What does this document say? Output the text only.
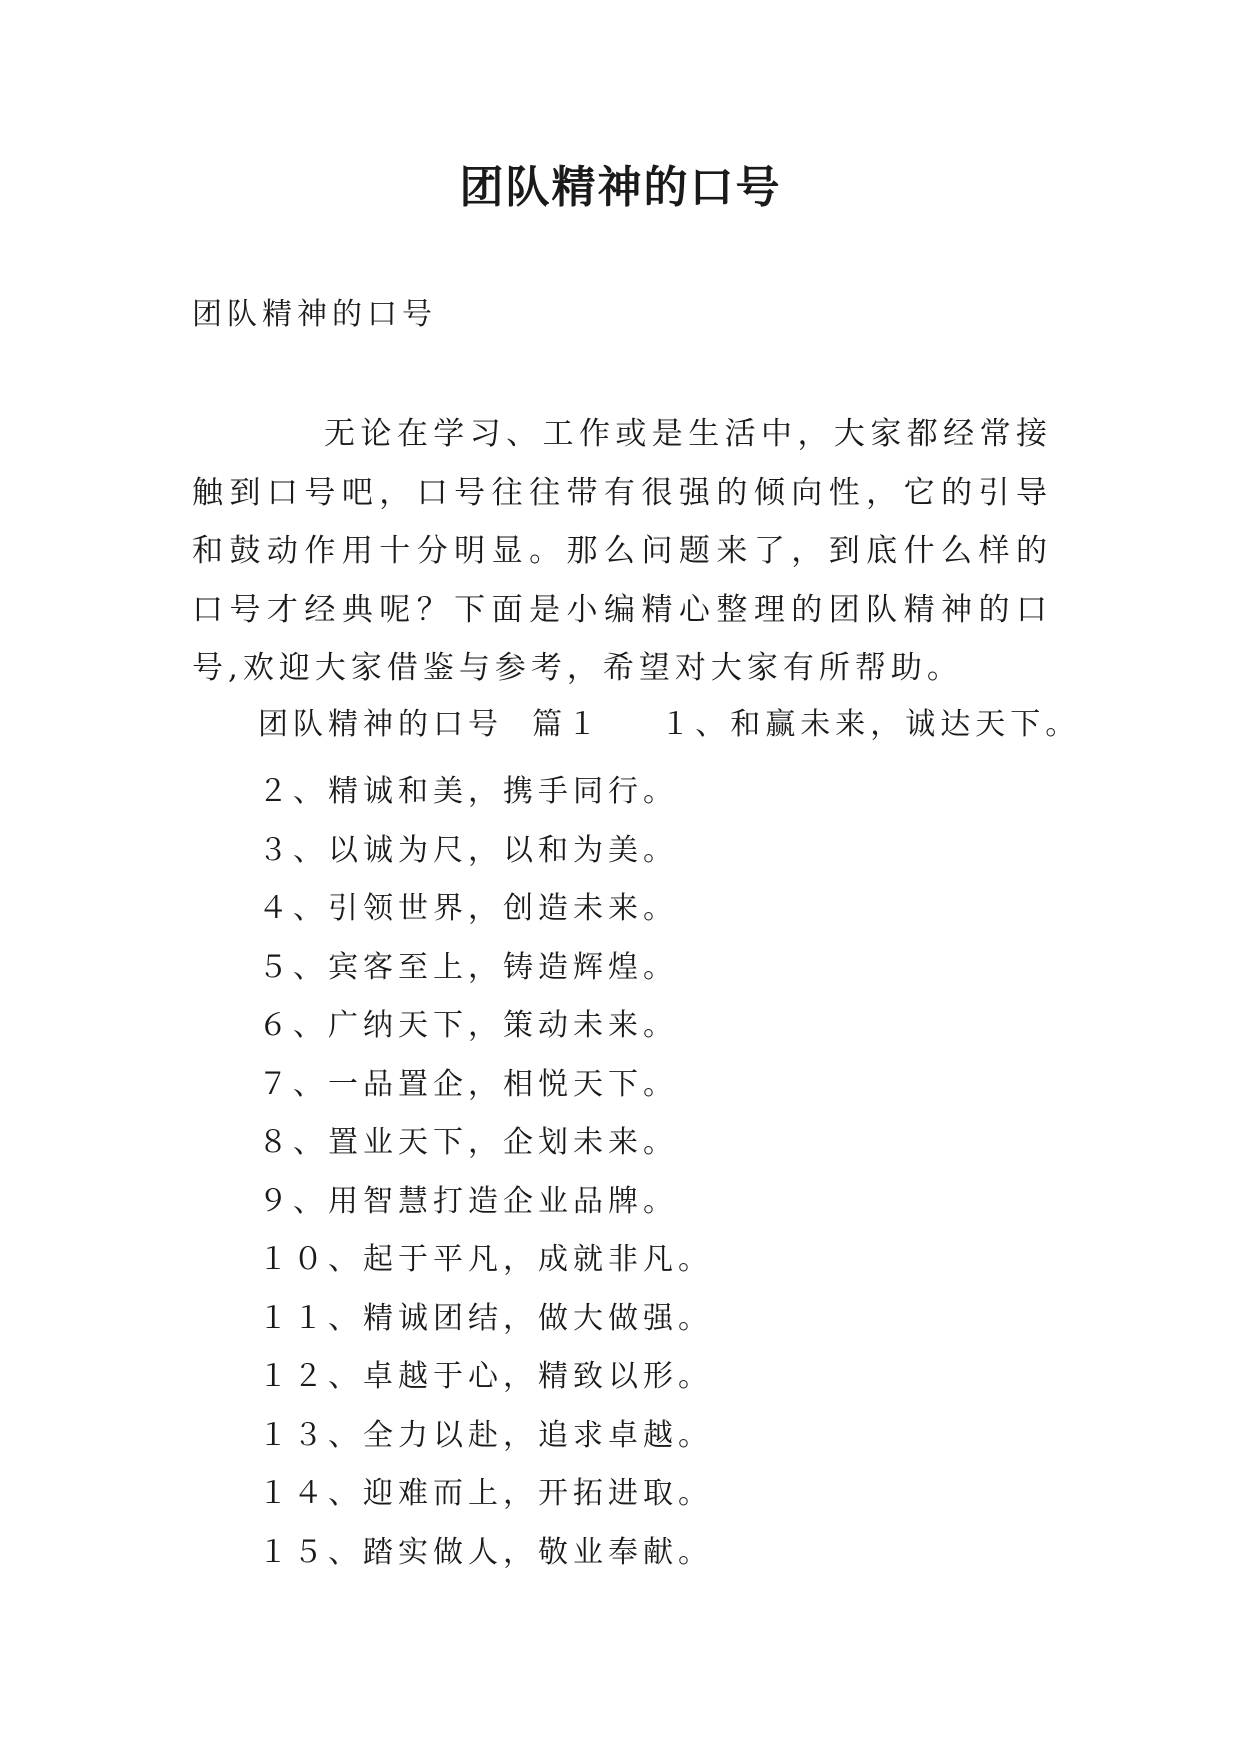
团队精神的口号

团队精神的口号

无论在学习、工作或是生活中，大家都经常接触到口号吧，口号往往带有很强的倾向性，它的引导和鼓动作用十分明显。那么问题来了，到底什么样的口号才经典呢？下面是小编精心整理的团队精神的口号,欢迎大家借鉴与参考，希望对大家有所帮助。

团队精神的口号  篇１    １、和赢未来，诚达天下。

２、精诚和美，携手同行。
３、以诚为尺，以和为美。
４、引领世界，创造未来。
５、宾客至上，铸造辉煌。
６、广纳天下，策动未来。
７、一品置企，相悦天下。
８、置业天下，企划未来。
９、用智慧打造企业品牌。
１０、起于平凡，成就非凡。
１１、精诚团结，做大做强。
１２、卓越于心，精致以形。
１３、全力以赴，追求卓越。
１４、迎难而上，开拓进取。
１５、踏实做人，敬业奉献。
